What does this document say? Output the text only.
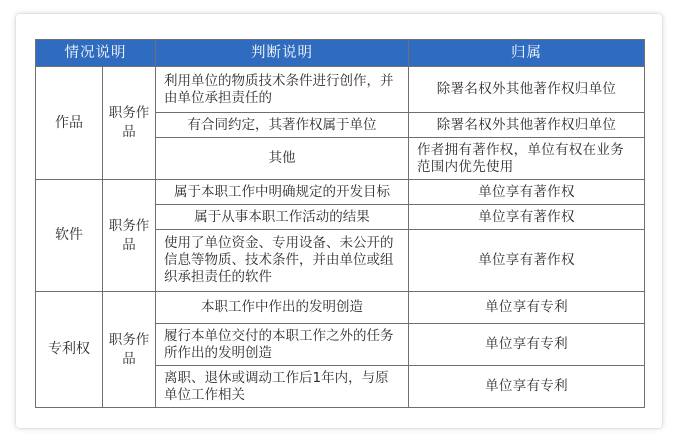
情况说明		判断说明	归属
作品	职务作品	利用单位的物质技术条件进行创作，并由单位承担责任的	除署名权外其他著作权归单位
		有合同约定，其著作权属于单位	除署名权外其他著作权归单位
		其他	作者拥有著作权，单位有权在业务范围内优先使用
软件	职务作品	属于本职工作中明确规定的开发目标	单位享有著作权
		属于从事本职工作活动的结果	单位享有著作权
		使用了单位资金、专用设备、未公开的信息等物质、技术条件，并由单位或组织承担责任的软件	单位享有著作权
专利权	职务作品	本职工作中作出的发明创造	单位享有专利
		履行本单位交付的本职工作之外的任务所作出的发明创造	单位享有专利
		离职、退休或调动工作后1年内，与原单位工作相关	单位享有专利
